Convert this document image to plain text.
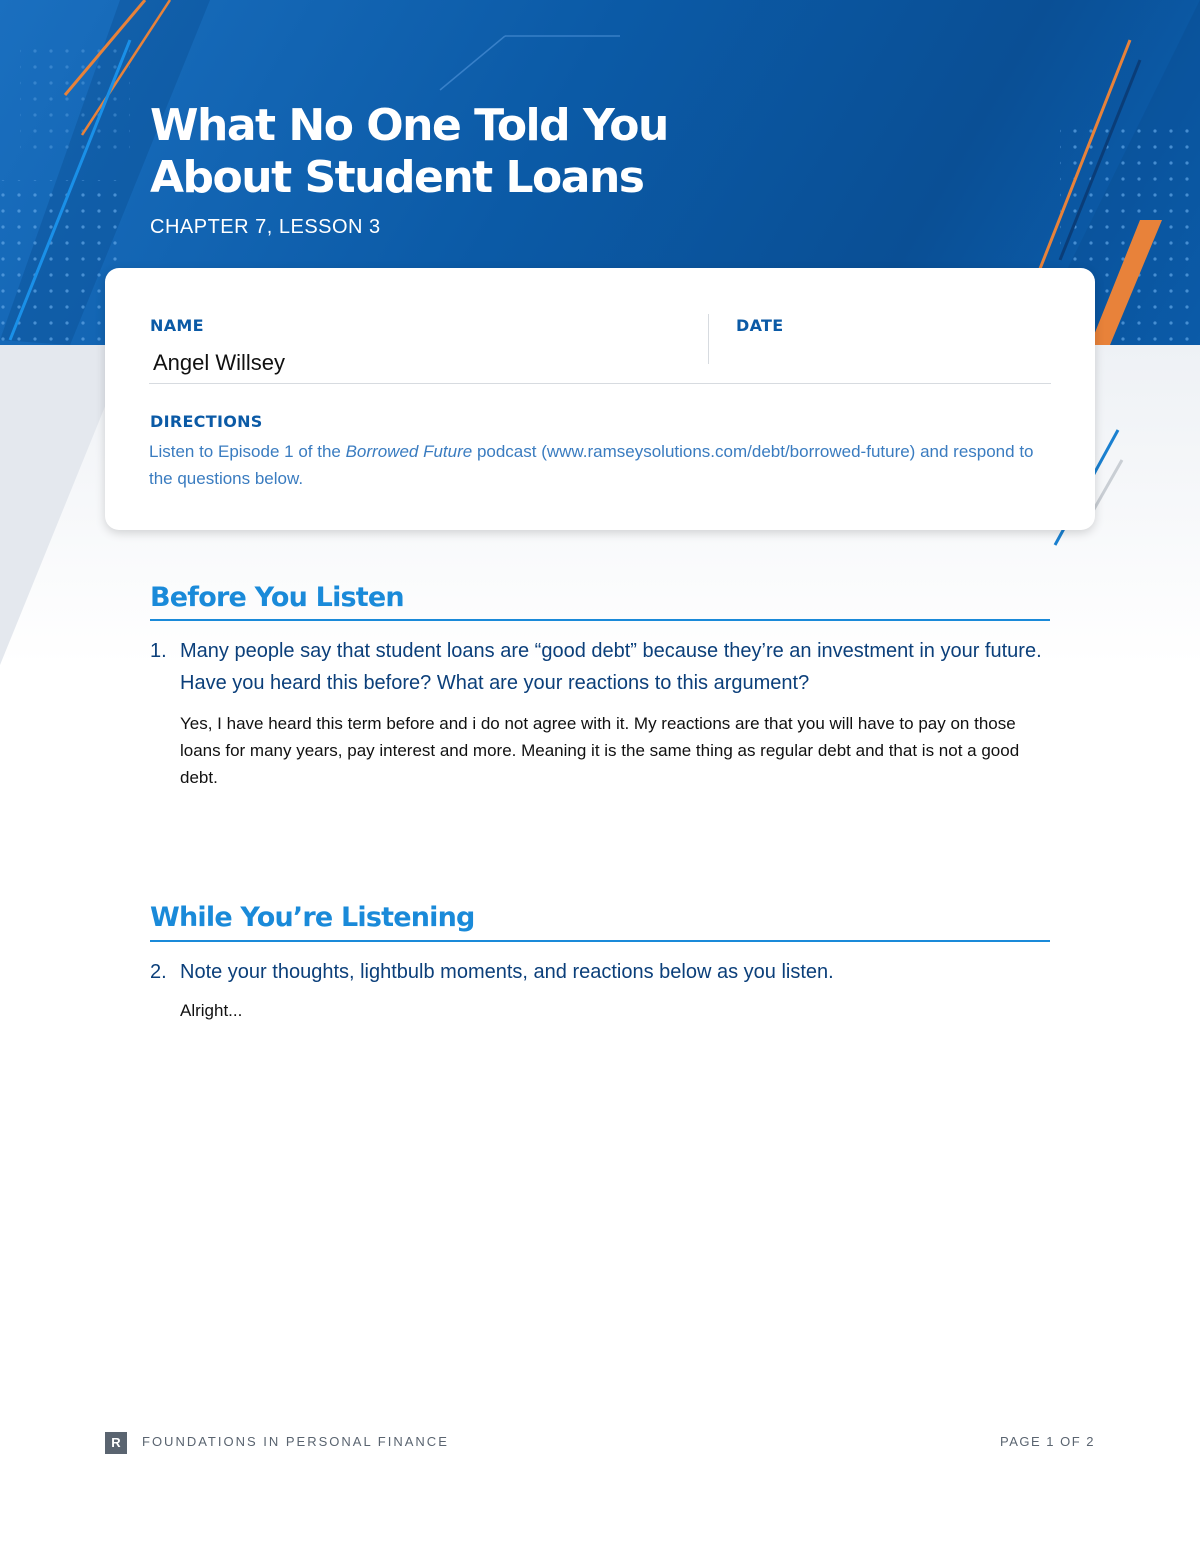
What No One Told You
About Student Loans
CHAPTER 7, LESSON 3
NAME
Angel Willsey
DATE
DIRECTIONS

Listen to Episode 1 of the Borrowed Future podcast (www.ramseysolutions.com/debt/borrowed-future) and respond to the questions below.

Before You Listen
1. Many people say that student loans are “good debt” because they’re an investment in your future. Have you heard this before? What are your reactions to this argument?

Yes, I have heard this term before and i do not agree with it. My reactions are that you will have to pay on those loans for many years, pay interest and more. Meaning it is the same thing as regular debt and that is not a good debt.

While You’re Listening
2. Note your thoughts, lightbulb moments, and reactions below as you listen.

Alright...

R	FOUNDATIONS IN PERSONAL FINANCE	PAGE 1 OF 2
